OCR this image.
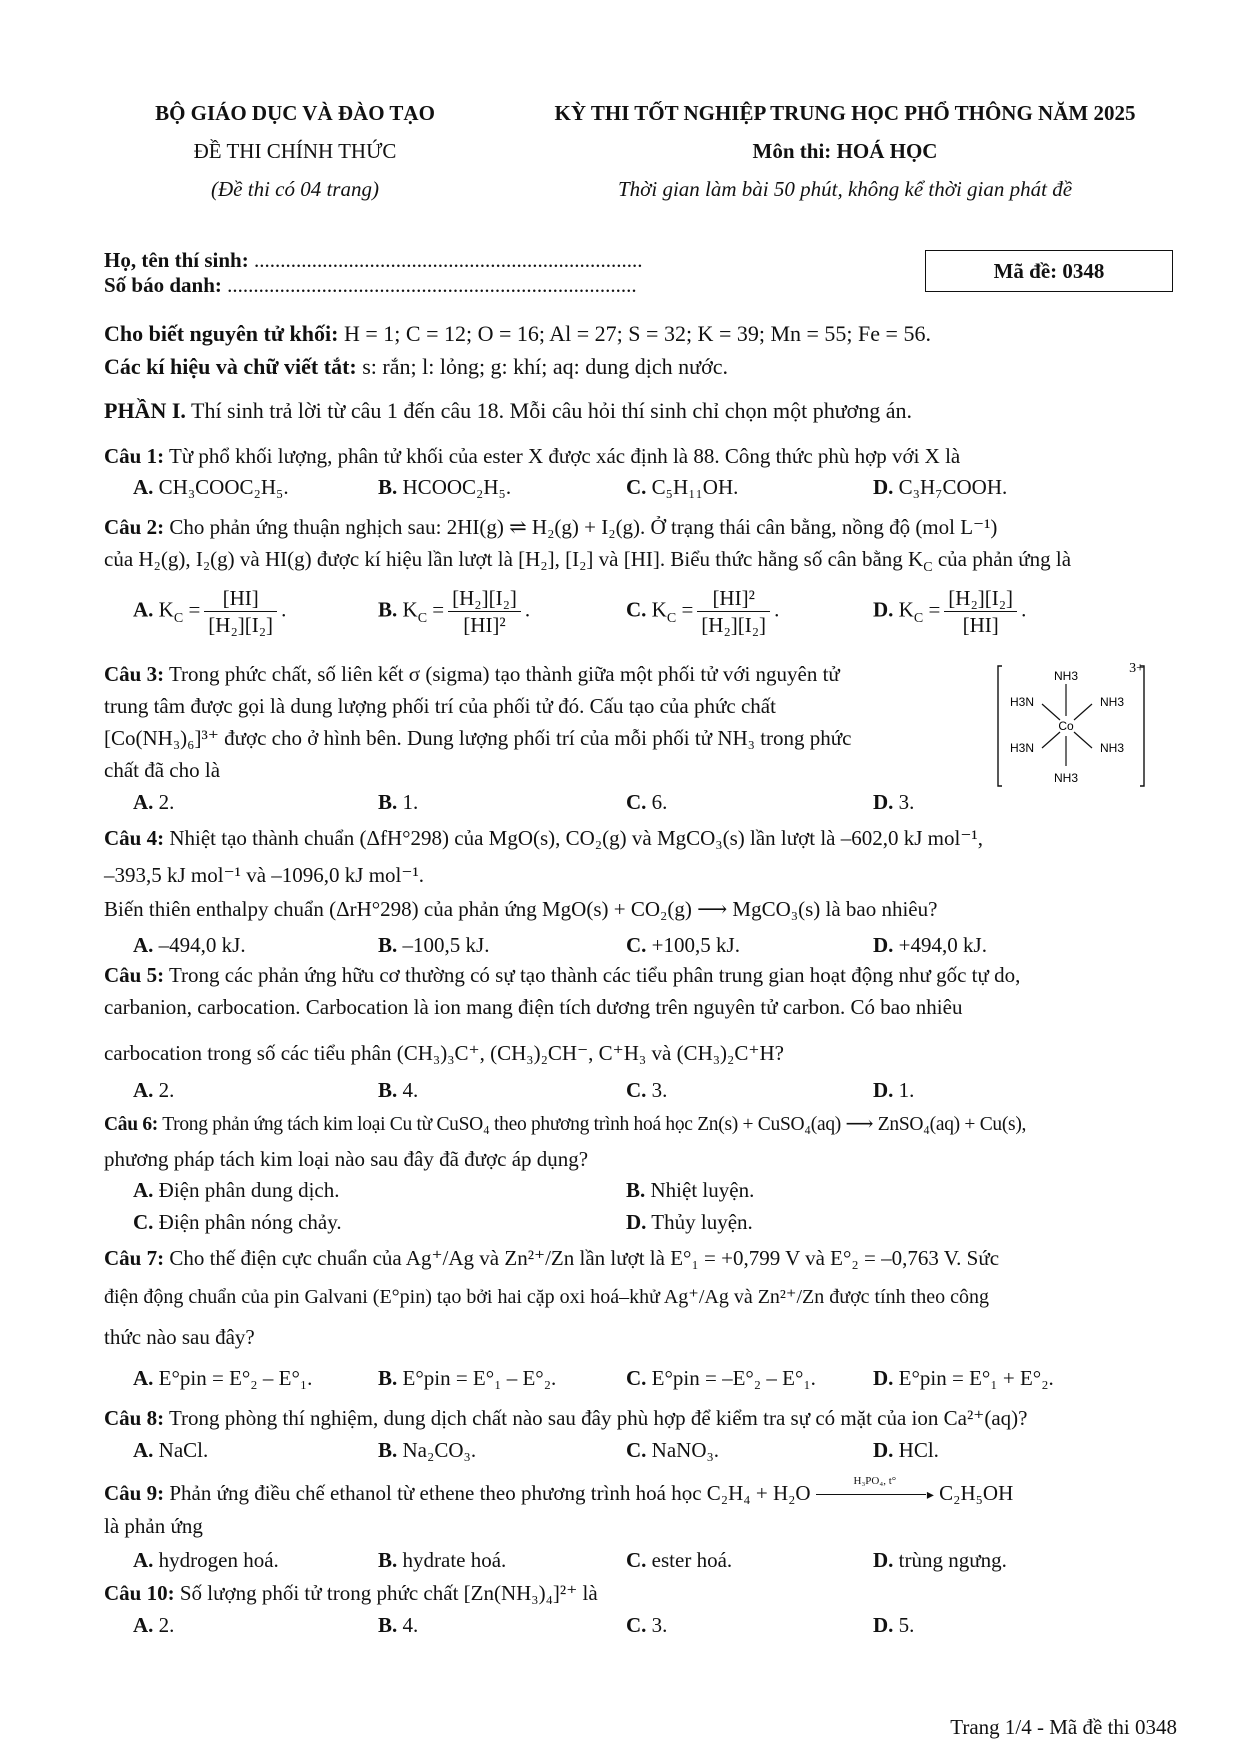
BỘ GIÁO DỤC VÀ ĐÀO TẠO
ĐỀ THI CHÍNH THỨC
(Đề thi có 04 trang)
KỲ THI TỐT NGHIỆP TRUNG HỌC PHỔ THÔNG NĂM 2025
Môn thi: HOÁ HỌC
Thời gian làm bài 50 phút, không kể thời gian phát đề
Họ, tên thí sinh: ..........................................................................
Số báo danh: ..............................................................................
Mã đề: 0348
Cho biết nguyên tử khối: H = 1; C = 12; O = 16; Al = 27; S = 32; K = 39; Mn = 55; Fe = 56.
Các kí hiệu và chữ viết tắt: s: rắn; l: lỏng; g: khí; aq: dung dịch nước.
PHẦN I. Thí sinh trả lời từ câu 1 đến câu 18. Mỗi câu hỏi thí sinh chỉ chọn một phương án.
Câu 1: Từ phổ khối lượng, phân tử khối của ester X được xác định là 88. Công thức phù hợp với X là
A. CH₃COOC₂H₅.	B. HCOOC₂H₅.	C. C₅H₁₁OH.	D. C₃H₇COOH.
Câu 2: Cho phản ứng thuận nghịch sau: 2HI(g) ⇌ H₂(g) + I₂(g). Ở trạng thái cân bằng, nồng độ (mol L⁻¹)
của H₂(g), I₂(g) và HI(g) được kí hiệu lần lượt là [H₂], [I₂] và [HI]. Biểu thức hằng số cân bằng $K_C$ của phản ứng là
A. $K_C = \frac{[HI]}{\text{[H₂][I₂]}}$ .	B. $K_C = \frac{\text{[H₂][I₂]}}{\text{[HI]²}}$ .	C. $K_C = \frac{\text{[HI]²}}{\text{[H₂][I₂]}}$ .	D. $K_C = \frac{\text{[H₂][I₂]}}{[HI]}$ .
Câu 3: Trong phức chất, số liên kết σ (sigma) tạo thành giữa một phối tử với nguyên tử
trung tâm được gọi là dung lượng phối trí của phối tử đó. Cấu tạo của phức chất
[Co(NH₃)₆]³⁺ được cho ở hình bên. Dung lượng phối trí của mỗi phối tử NH₃ trong phức
chất đã cho là
NH3
NH3
H3N	NH3
H3N	NH3
Co
3+
A. 2.	B. 1.	C. 6.	D. 3.
Câu 4: Nhiệt tạo thành chuẩn (ΔfH°298) của MgO(s), CO₂(g) và MgCO₃(s) lần lượt là –602,0 kJ mol⁻¹,
–393,5 kJ mol⁻¹ và –1096,0 kJ mol⁻¹.
Biến thiên enthalpy chuẩn (ΔrH°298) của phản ứng MgO(s) + CO₂(g) ⟶ MgCO₃(s) là bao nhiêu?
A. –494,0 kJ.	B. –100,5 kJ.	C. +100,5 kJ.	D. +494,0 kJ.
Câu 5: Trong các phản ứng hữu cơ thường có sự tạo thành các tiểu phân trung gian hoạt động như gốc tự do,
carbanion, carbocation. Carbocation là ion mang điện tích dương trên nguyên tử carbon. Có bao nhiêu
carbocation trong số các tiểu phân (CH₃)₃C⁺, (CH₃)₂CH⁻, C⁺H₃ và (CH₃)₂C⁺H?
A. 2.	B. 4.	C. 3.	D. 1.
Câu 6: Trong phản ứng tách kim loại Cu từ CuSO₄ theo phương trình hoá học Zn(s) + CuSO₄(aq) ⟶ ZnSO₄(aq) + Cu(s),
phương pháp tách kim loại nào sau đây đã được áp dụng?
A. Điện phân dung dịch.	B. Nhiệt luyện.
C. Điện phân nóng chảy.	D. Thủy luyện.
Câu 7: Cho thế điện cực chuẩn của Ag⁺/Ag và Zn²⁺/Zn lần lượt là E°₁ = +0,799 V và E°₂ = –0,763 V. Sức
điện động chuẩn của pin Galvani (E°pin) tạo bởi hai cặp oxi hoá–khử Ag⁺/Ag và Zn²⁺/Zn được tính theo công
thức nào sau đây?
A. E°pin = E°₂ – E°₁.	B. E°pin = E°₁ – E°₂.	C. E°pin = –E°₂ – E°₁.	D. E°pin = E°₁ + E°₂.
Câu 8: Trong phòng thí nghiệm, dung dịch chất nào sau đây phù hợp để kiểm tra sự có mặt của ion Ca²⁺(aq)?
A. NaCl.	B. Na₂CO₃.	C. NaNO₃.	D. HCl.
Câu 9: Phản ứng điều chế ethanol từ ethene theo phương trình hoá học C₂H₄ + H₂O	H₃PO₄, t°
▸ C₂H₅OH
là phản ứng
A. hydrogen hoá.	B. hydrate hoá.	C. ester hoá.	D. trùng ngưng.
Câu 10: Số lượng phối tử trong phức chất [Zn(NH₃)₄]²⁺ là
A. 2.	B. 4.	C. 3.	D. 5.
Trang 1/4 - Mã đề thi 0348
